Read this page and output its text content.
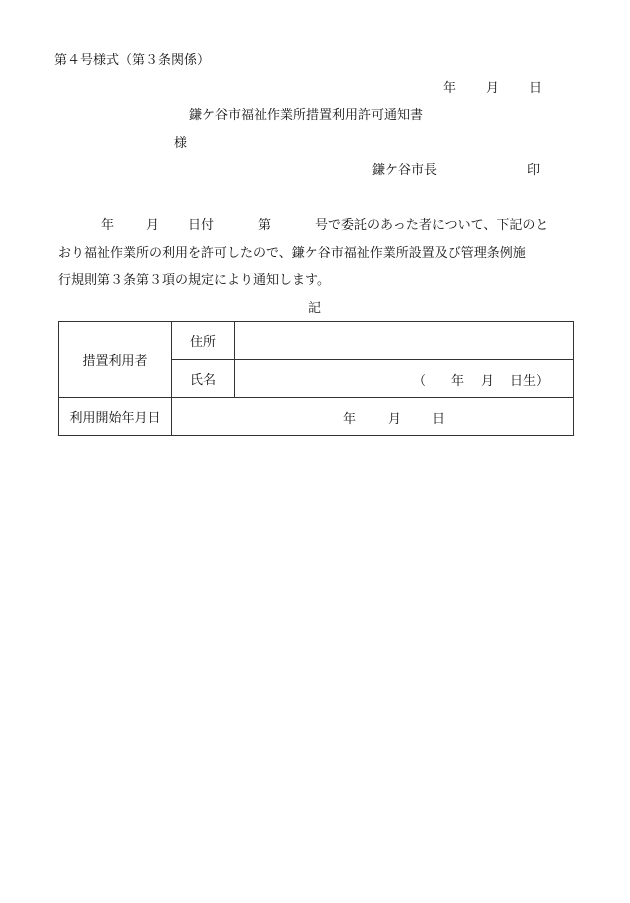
第４号様式（第３条関係）
年 月 日
鎌ケ谷市福祉作業所措置利用許可通知書
様
鎌ケ谷市長	印
年 月 日付	第	号で委託のあった者について、下記のと
おり福祉作業所の利用を許可したので、鎌ケ谷市福祉作業所設置及び管理条例施
行規則第３条第３項の規定により通知します。
記
措置利用者	住所	
	氏名	（ 年 月 日生）

利用開始年月日	年 月 日	
